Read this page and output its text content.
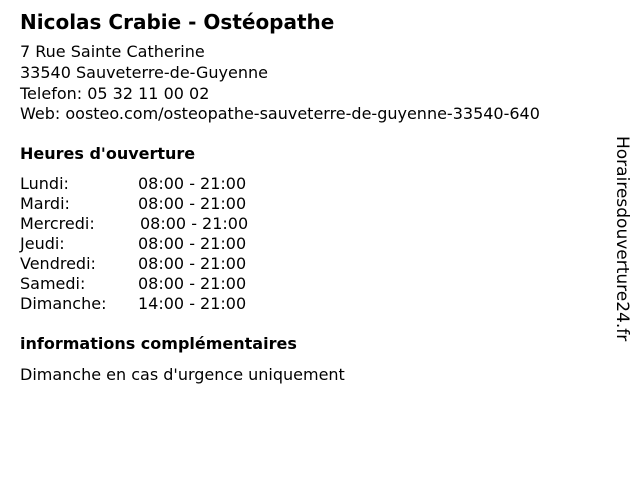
Nicolas Crabie - Ostéopathe
7 Rue Sainte Catherine
33540 Sauveterre-de-Guyenne
Telefon: 05 32 11 00 02
Web: oosteo.com/osteopathe-sauveterre-de-guyenne-33540-640
Heures d'ouverture
Lundi:	08:00 - 21:00
Mardi:	08:00 - 21:00
Mercredi:	08:00 - 21:00
Jeudi:	08:00 - 21:00
Vendredi:	08:00 - 21:00
Samedi:	08:00 - 21:00
Dimanche: 14:00 - 21:00
informations complémentaires
Dimanche en cas d'urgence uniquement
Horairesdouverture24.fr
